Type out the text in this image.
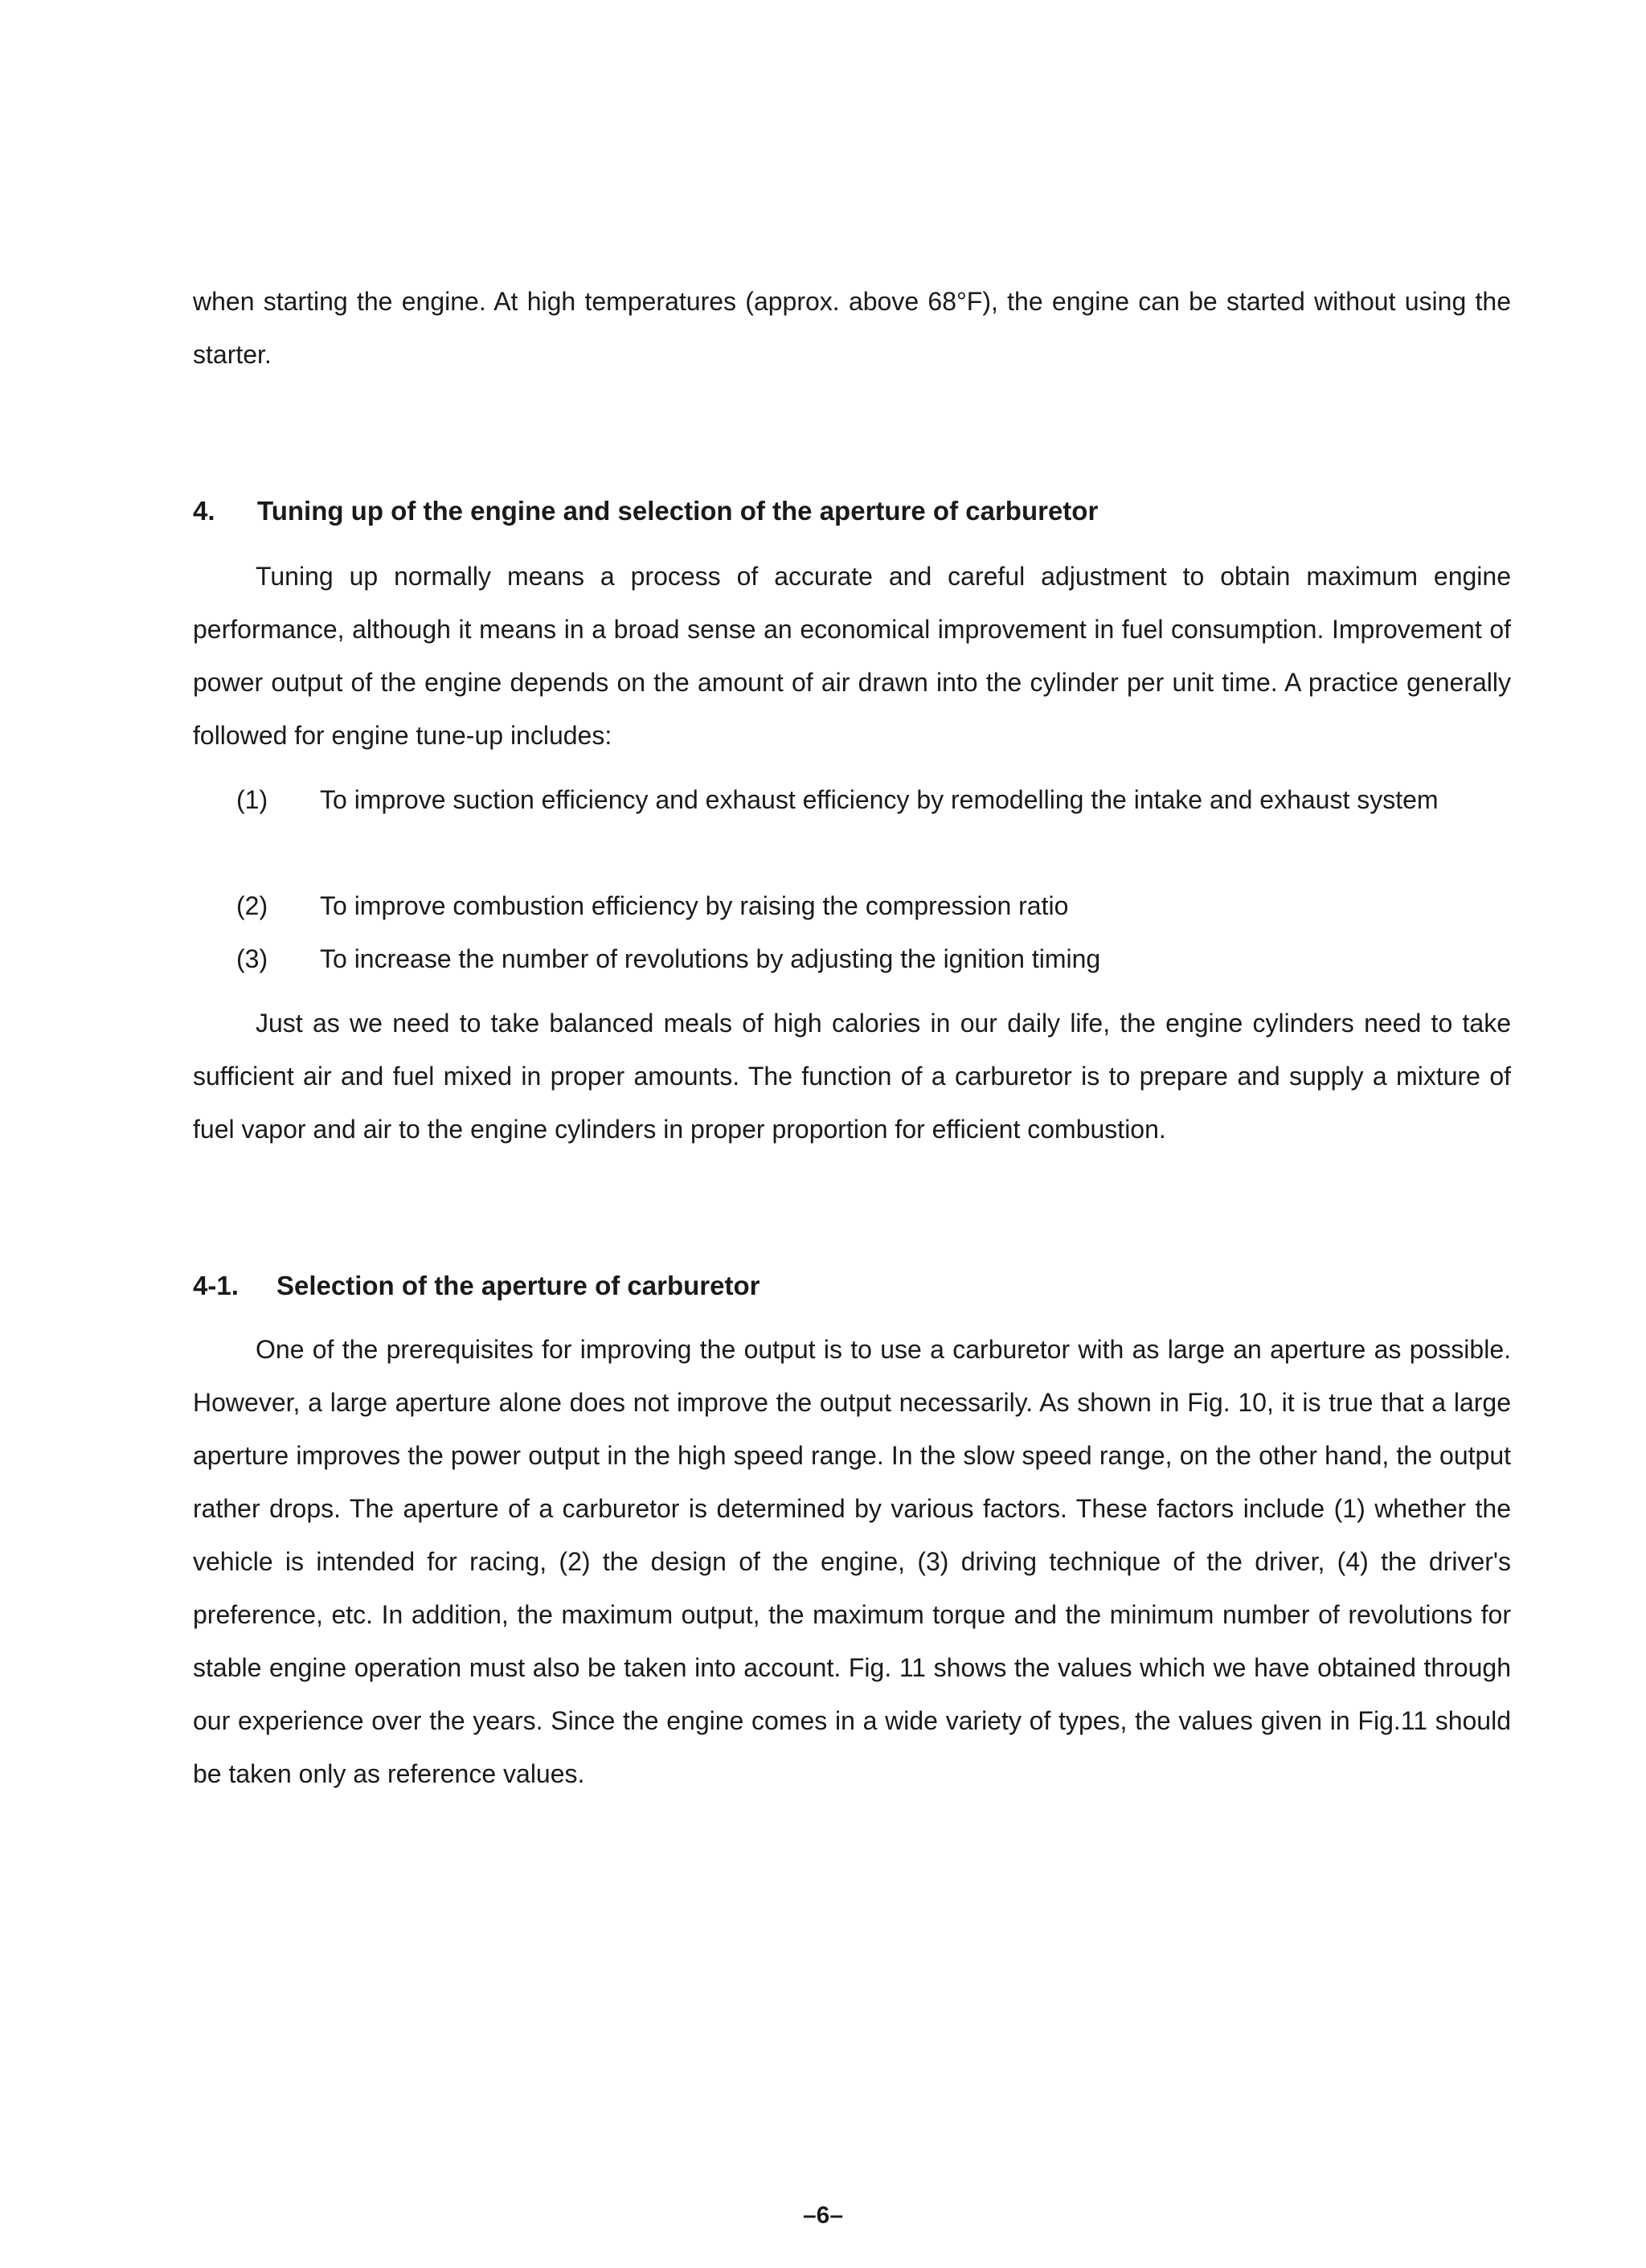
when starting the engine. At high temperatures (approx. above 68°F), the engine can be started without using the starter.

4. Tuning up of the engine and selection of the aperture of carburetor

Tuning up normally means a process of accurate and careful adjustment to obtain maximum engine performance, although it means in a broad sense an economical improvement in fuel consumption. Improvement of power output of the engine depends on the amount of air drawn into the cylinder per unit time. A practice generally followed for engine tune-up includes:

(1)	To improve suction efficiency and exhaust efficiency by remodelling the intake and exhaust system
(2)	To improve combustion efficiency by raising the compression ratio
(3)	To increase the number of revolutions by adjusting the ignition timing

Just as we need to take balanced meals of high calories in our daily life, the engine cylinders need to take sufficient air and fuel mixed in proper amounts. The function of a carburetor is to prepare and supply a mixture of fuel vapor and air to the engine cylinders in proper proportion for efficient combustion.

4-1. Selection of the aperture of carburetor

One of the prerequisites for improving the output is to use a carburetor with as large an aperture as possible. However, a large aperture alone does not improve the output necessarily. As shown in Fig. 10, it is true that a large aperture improves the power output in the high speed range. In the slow speed range, on the other hand, the output rather drops. The aperture of a carburetor is determined by various factors. These factors include (1) whether the vehicle is intended for racing, (2) the design of the engine, (3) driving technique of the driver, (4) the driver's preference, etc. In addition, the maximum output, the maximum torque and the minimum number of revolutions for stable engine operation must also be taken into account. Fig. 11 shows the values which we have obtained through our experience over the years. Since the engine comes in a wide variety of types, the values given in Fig.11 should be taken only as reference values.

–6–
